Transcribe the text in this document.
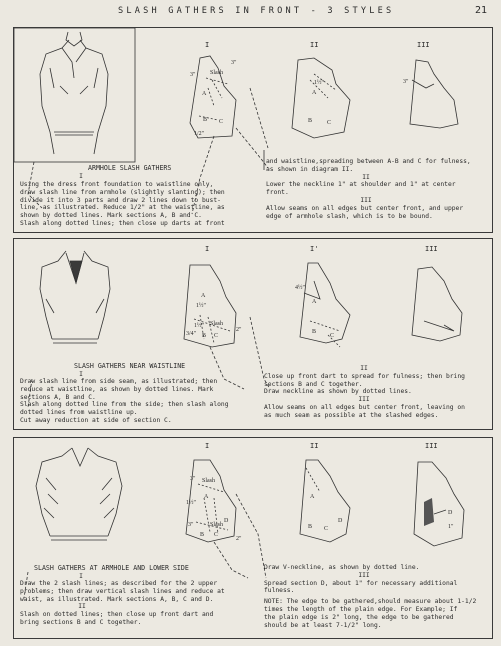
SLASH GATHERS IN FRONT - 3 STYLES	21
I	II	III
3" Slash
3"
A
B C
1/2"
1½"
A
B C
3"
ARMHOLE SLASH GATHERS
I
Using the dress front foundation to waistline only,
draw slash line from armhole (slightly slanting); then
divide it into 3 parts and draw 2 lines down to bust-
line, as illustrated. Reduce 1/2" at the waistline, as
shown by dotted lines. Mark sections A, B and C.
Slash along dotted lines; then close up darts at front
and waistline,spreading between A-B and C for fulness,
as shown in diagram II.
II
Lower the neckline 1" at shoulder and 1" at center
front.
III
Allow seams on all edges but center front, and upper
edge of armhole slash, which is to be bound.
I	I'	III
A
1½"
1½" Slash
2"
3/4" B C
4½"
A
B
C
SLASH GATHERS NEAR WAISTLINE
I
Draw slash line from side seam, as illustrated; then
reduce at waistline, as shown by dotted lines. Mark
sections A, B and C.
Slash along dotted line from the side; then slash along
dotted lines from waistline up.
Cut away reduction at side of section C.
II
Close up front dart to spread for fulness; then bring
sections B and C together.
Draw neckline as shown by dotted lines.
III
Allow seams on all edges but center front, leaving on
as much seam as possible at the slashed edges.
I	II	III
3" Slash
A
1½"
3"	Slash
B C
D
2"
A
B C
D
D
1"
SLASH GATHERS AT ARMHOLE AND LOWER SIDE
I
Draw the 2 slash lines; as described for the 2 upper
problems; then draw vertical slash lines and reduce at
waist, as illustrated. Mark sections A, B, C and D.
II
Slash on dotted lines; then close up front dart and
bring sections B and C together.
Draw V-neckline, as shown by dotted line.
III
Spread section D, about 1" for necessary additional
fulness.
NOTE: The edge to be gathered,should measure about 1-1/2
times the length of the plain edge. For Example; If
the plain edge is 2" long, the edge to be gathered
should be at least 7-1/2" long.
